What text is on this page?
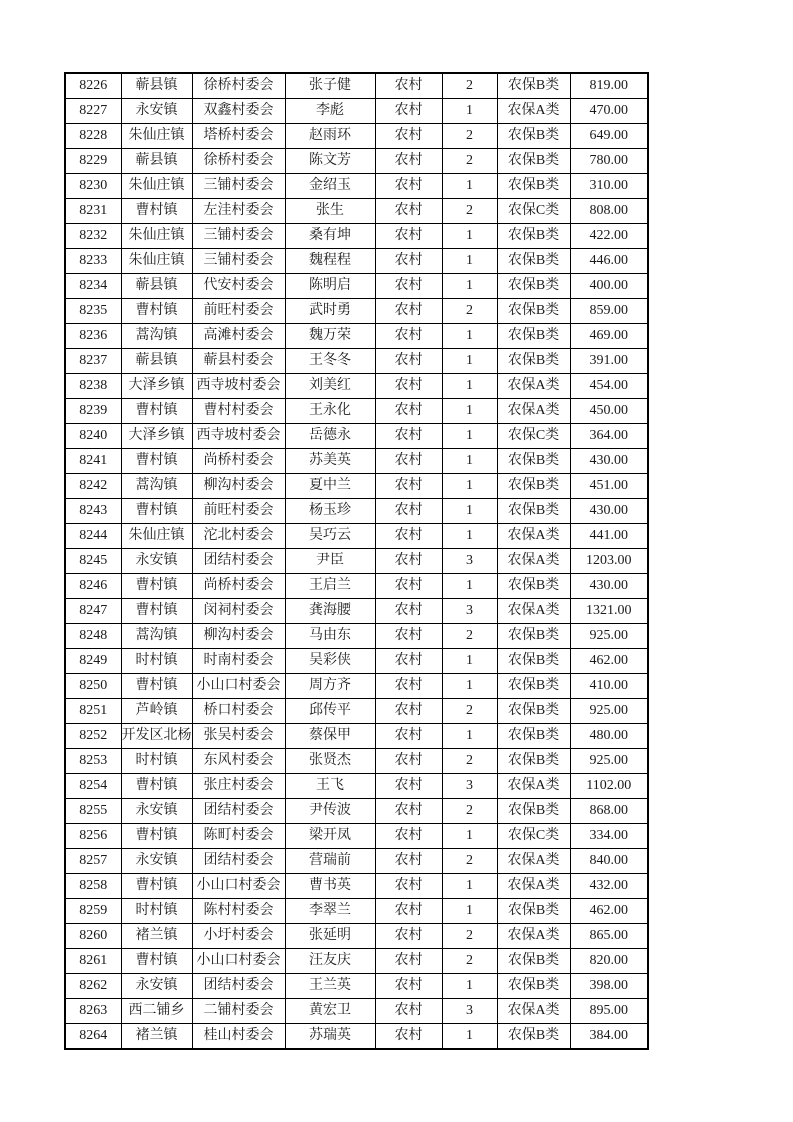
8226	蕲县镇	徐桥村委会	张子健	农村	2	农保B类	819.00
8227	永安镇	双鑫村委会	李彪	农村	1	农保A类	470.00
8228	朱仙庄镇	塔桥村委会	赵雨环	农村	2	农保B类	649.00
8229	蕲县镇	徐桥村委会	陈文芳	农村	2	农保B类	780.00
8230	朱仙庄镇	三铺村委会	金绍玉	农村	1	农保B类	310.00
8231	曹村镇	左洼村委会	张生	农村	2	农保C类	808.00
8232	朱仙庄镇	三铺村委会	桑有坤	农村	1	农保B类	422.00
8233	朱仙庄镇	三铺村委会	魏程程	农村	1	农保B类	446.00
8234	蕲县镇	代安村委会	陈明启	农村	1	农保B类	400.00
8235	曹村镇	前旺村委会	武时勇	农村	2	农保B类	859.00
8236	蒿沟镇	高滩村委会	魏万荣	农村	1	农保B类	469.00
8237	蕲县镇	蕲县村委会	王冬冬	农村	1	农保B类	391.00
8238	大泽乡镇	西寺坡村委会	刘美红	农村	1	农保A类	454.00
8239	曹村镇	曹村村委会	王永化	农村	1	农保A类	450.00
8240	大泽乡镇	西寺坡村委会	岳德永	农村	1	农保C类	364.00
8241	曹村镇	尚桥村委会	苏美英	农村	1	农保B类	430.00
8242	蒿沟镇	柳沟村委会	夏中兰	农村	1	农保B类	451.00
8243	曹村镇	前旺村委会	杨玉珍	农村	1	农保B类	430.00
8244	朱仙庄镇	沱北村委会	吴巧云	农村	1	农保A类	441.00
8245	永安镇	团结村委会	尹臣	农村	3	农保A类	1203.00
8246	曹村镇	尚桥村委会	王启兰	农村	1	农保B类	430.00
8247	曹村镇	闵祠村委会	龚海腰	农村	3	农保A类	1321.00
8248	蒿沟镇	柳沟村委会	马由东	农村	2	农保B类	925.00
8249	时村镇	时南村委会	吴彩侠	农村	1	农保B类	462.00
8250	曹村镇	小山口村委会	周方齐	农村	1	农保B类	410.00
8251	芦岭镇	桥口村委会	邱传平	农村	2	农保B类	925.00
8252	开发区北杨	张吴村委会	蔡保甲	农村	1	农保B类	480.00
8253	时村镇	东风村委会	张贤杰	农村	2	农保B类	925.00
8254	曹村镇	张庄村委会	王飞	农村	3	农保A类	1102.00
8255	永安镇	团结村委会	尹传波	农村	2	农保B类	868.00
8256	曹村镇	陈町村委会	梁开凤	农村	1	农保C类	334.00
8257	永安镇	团结村委会	营瑞前	农村	2	农保A类	840.00
8258	曹村镇	小山口村委会	曹书英	农村	1	农保A类	432.00
8259	时村镇	陈村村委会	李翠兰	农村	1	农保B类	462.00
8260	褚兰镇	小圩村委会	张延明	农村	2	农保A类	865.00
8261	曹村镇	小山口村委会	汪友庆	农村	2	农保B类	820.00
8262	永安镇	团结村委会	王兰英	农村	1	农保B类	398.00
8263	西二铺乡	二铺村委会	黄宏卫	农村	3	农保A类	895.00
8264	褚兰镇	桂山村委会	苏瑞英	农村	1	农保B类	384.00
